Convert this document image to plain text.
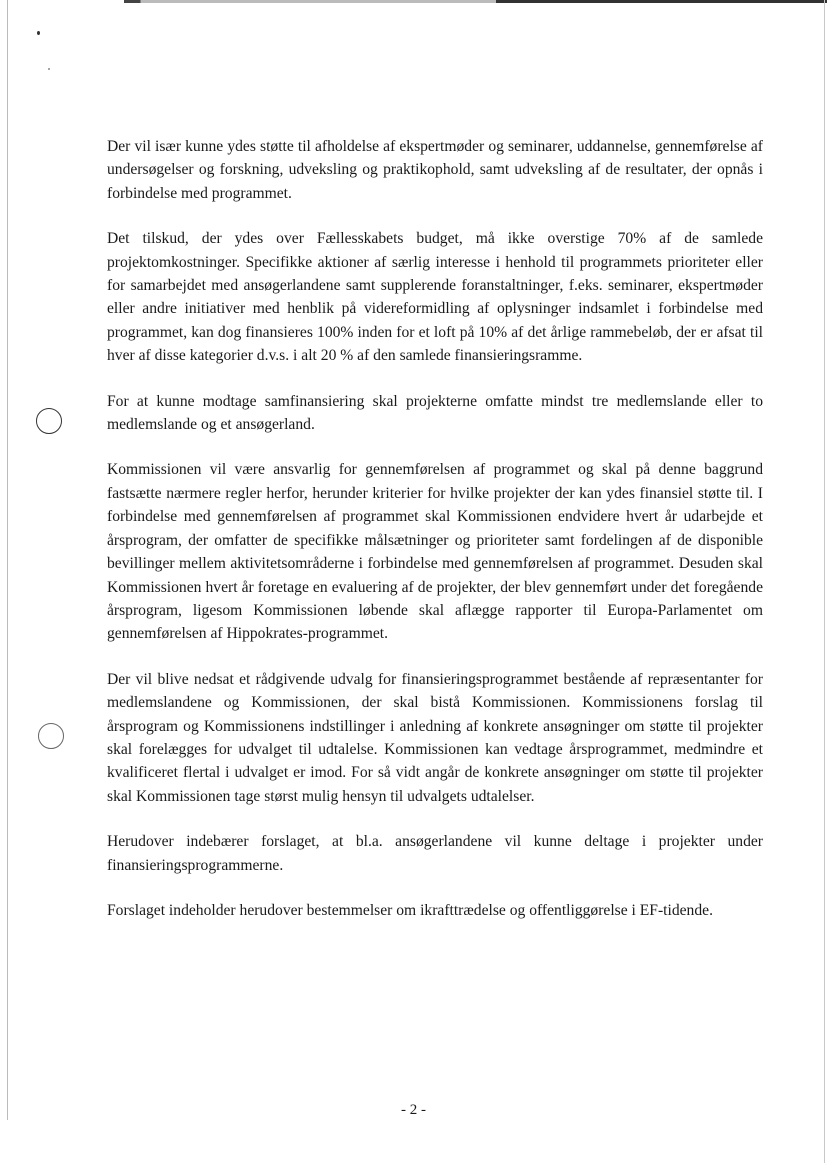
Der vil især kunne ydes støtte til afholdelse af ekspertmøder og seminarer, uddannelse, gennemførelse af undersøgelser og forskning, udveksling og praktikophold, samt udveksling af de resultater, der opnås i forbindelse med programmet.

Det tilskud, der ydes over Fællesskabets budget, må ikke overstige 70% af de samlede projektomkostninger. Specifikke aktioner af særlig interesse i henhold til programmets prioriteter eller for samarbejdet med ansøgerlandene samt supplerende foranstaltninger, f.eks. seminarer, ekspertmøder eller andre initiativer med henblik på videreformidling af oplysninger indsamlet i forbindelse med programmet, kan dog finansieres 100% inden for et loft på 10% af det årlige rammebeløb, der er afsat til hver af disse kategorier d.v.s. i alt 20 % af den samlede finansieringsramme.

For at kunne modtage samfinansiering skal projekterne omfatte mindst tre medlemslande eller to medlemslande og et ansøgerland.

Kommissionen vil være ansvarlig for gennemførelsen af programmet og skal på denne baggrund fastsætte nærmere regler herfor, herunder kriterier for hvilke projekter der kan ydes finansiel støtte til. I forbindelse med gennemførelsen af programmet skal Kommissionen endvidere hvert år udarbejde et årsprogram, der omfatter de specifikke målsætninger og prioriteter samt fordelingen af de disponible bevillinger mellem aktivitetsområderne i forbindelse med gennemførelsen af programmet. Desuden skal Kommissionen hvert år foretage en evaluering af de projekter, der blev gennemført under det foregående årsprogram, ligesom Kommissionen løbende skal aflægge rapporter til Europa-Parlamentet om gennemførelsen af Hippokrates-programmet.

Der vil blive nedsat et rådgivende udvalg for finansieringsprogrammet bestående af repræsentanter for medlemslandene og Kommissionen, der skal bistå Kommissionen. Kommissionens forslag til årsprogram og Kommissionens indstillinger i anledning af konkrete ansøgninger om støtte til projekter skal forelægges for udvalget til udtalelse. Kommissionen kan vedtage årsprogrammet, medmindre et kvalificeret flertal i udvalget er imod. For så vidt angår de konkrete ansøgninger om støtte til projekter skal Kommissionen tage størst mulig hensyn til udvalgets udtalelser.

Herudover indebærer forslaget, at bl.a. ansøgerlandene vil kunne deltage i projekter under finansieringsprogrammerne.

Forslaget indeholder herudover bestemmelser om ikrafttrædelse og offentliggørelse i EF-tidende.

- 2 -
